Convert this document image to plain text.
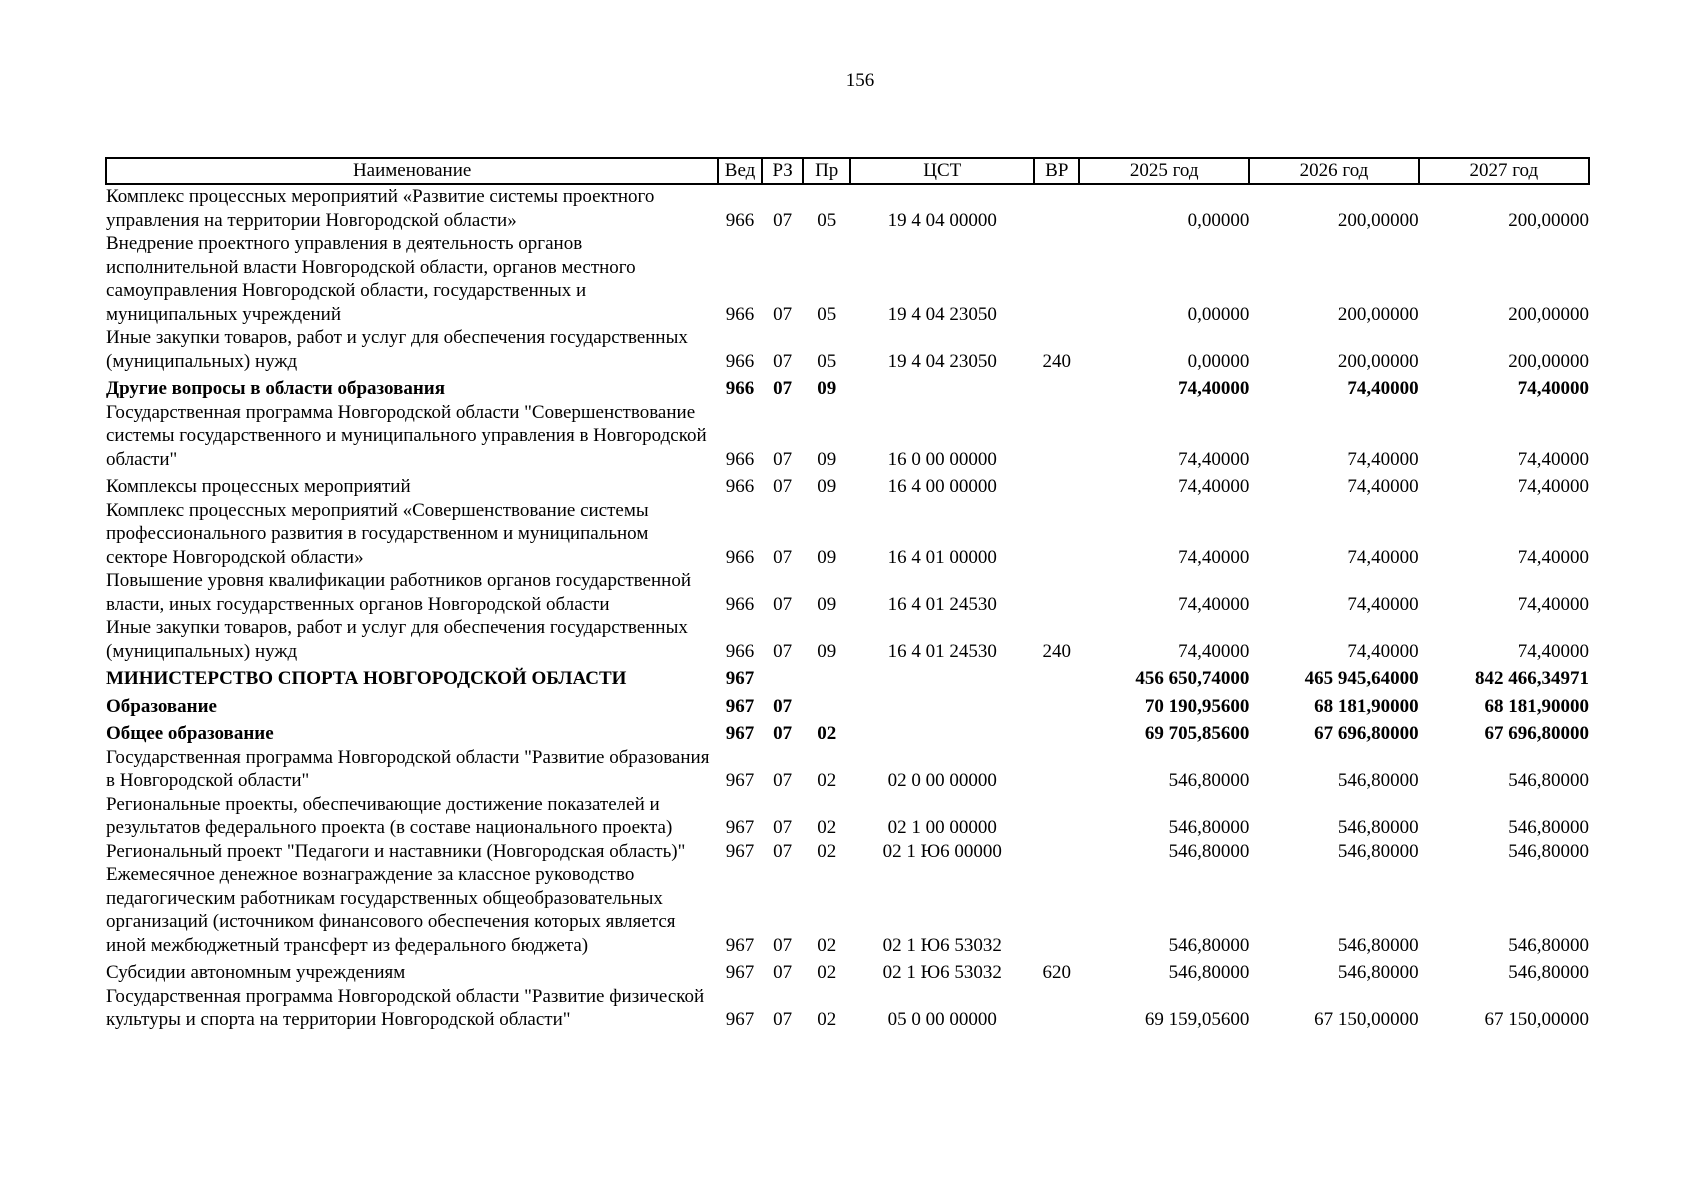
156
Наименование	Вед	РЗ	Пр	ЦСТ	ВР	2025 год	2026 год	2027 год
Комплекс процессных мероприятий «Развитие системы проектного управления на территории Новгородской области»	966	07	05	19 4 04 00000		0,00000	200,00000	200,00000
Внедрение проектного управления в деятельность органов исполнительной власти Новгородской области, органов местного самоуправления Новгородской области, государственных и муниципальных учреждений	966	07	05	19 4 04 23050		0,00000	200,00000	200,00000
Иные закупки товаров, работ и услуг для обеспечения государственных (муниципальных) нужд	966	07	05	19 4 04 23050	240	0,00000	200,00000	200,00000
Другие вопросы в области образования	966	07	09			74,40000	74,40000	74,40000
Государственная программа Новгородской области "Совершенствование системы государственного и муниципального управления в Новгородской области"	966	07	09	16 0 00 00000		74,40000	74,40000	74,40000
Комплексы процессных мероприятий	966	07	09	16 4 00 00000		74,40000	74,40000	74,40000
Комплекс процессных мероприятий «Совершенствование системы профессионального развития в государственном и муниципальном секторе Новгородской области»	966	07	09	16 4 01 00000		74,40000	74,40000	74,40000
Повышение уровня квалификации работников органов государственной власти, иных государственных органов Новгородской области	966	07	09	16 4 01 24530		74,40000	74,40000	74,40000
Иные закупки товаров, работ и услуг для обеспечения государственных (муниципальных) нужд	966	07	09	16 4 01 24530	240	74,40000	74,40000	74,40000
МИНИСТЕРСТВО СПОРТА НОВГОРОДСКОЙ ОБЛАСТИ	967					456 650,74000	465 945,64000	842 466,34971
Образование	967	07				70 190,95600	68 181,90000	68 181,90000
Общее образование	967	07	02			69 705,85600	67 696,80000	67 696,80000
Государственная программа Новгородской области "Развитие образования в Новгородской области"	967	07	02	02 0 00 00000		546,80000	546,80000	546,80000
Региональные проекты, обеспечивающие достижение показателей и результатов федерального проекта (в составе национального проекта)	967	07	02	02 1 00 00000		546,80000	546,80000	546,80000
Региональный проект "Педагоги и наставники (Новгородская область)"	967	07	02	02 1 Ю6 00000		546,80000	546,80000	546,80000
Ежемесячное денежное вознаграждение за классное руководство педагогическим работникам государственных общеобразовательных организаций (источником финансового обеспечения которых является иной межбюджетный трансферт из федерального бюджета)	967	07	02	02 1 Ю6 53032		546,80000	546,80000	546,80000
Субсидии автономным учреждениям	967	07	02	02 1 Ю6 53032	620	546,80000	546,80000	546,80000
Государственная программа Новгородской области "Развитие физической культуры и спорта на территории Новгородской области"	967	07	02	05 0 00 00000		69 159,05600	67 150,00000	67 150,00000
